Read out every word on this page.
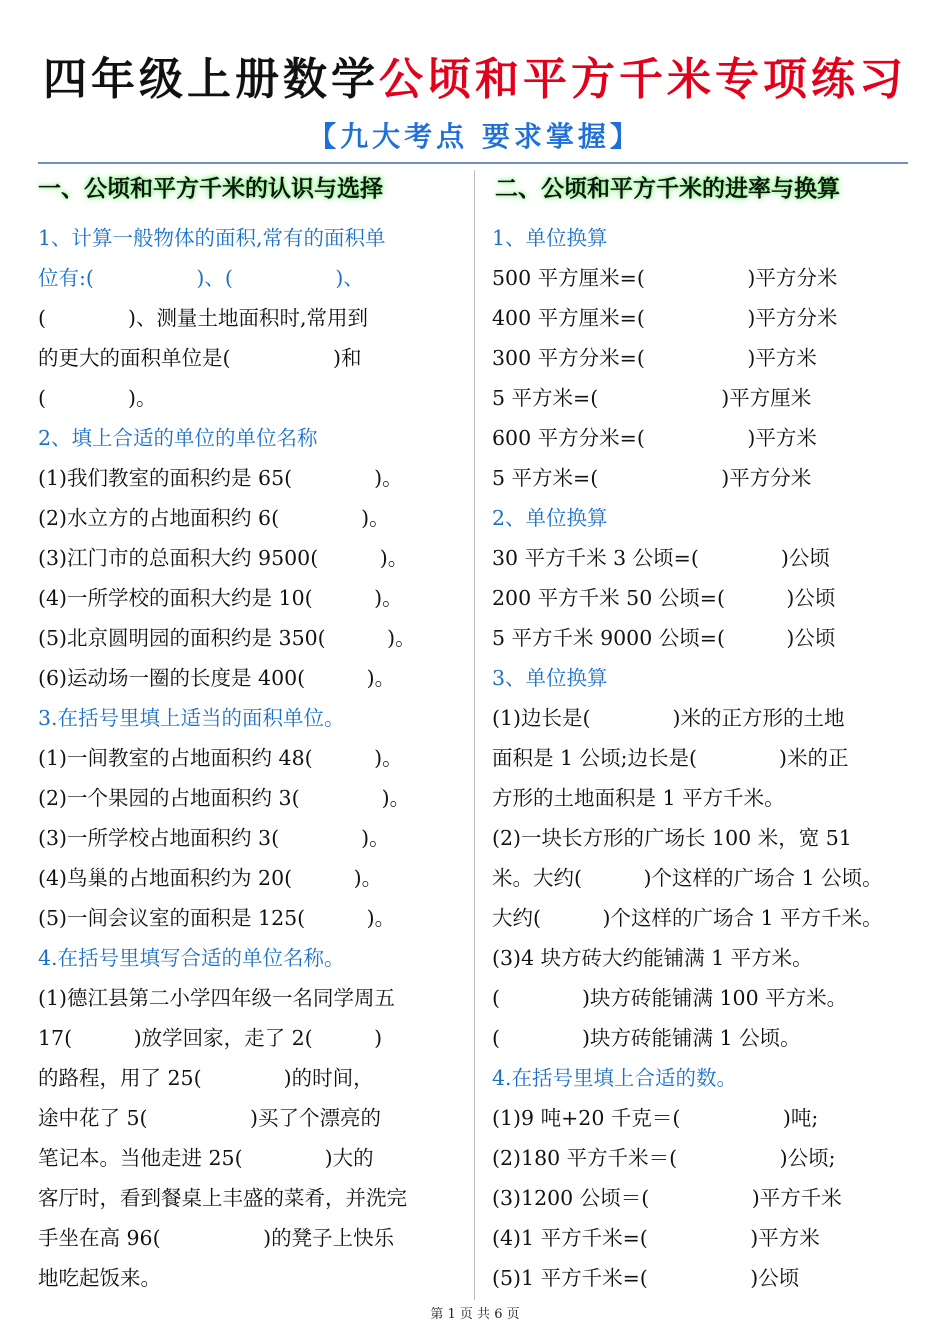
四年级上册数学公顷和平方千米专项练习
【九大考点 要求掌握】
一、公顷和平方千米的认识与选择	二、公顷和平方千米的进率与换算
1、计算一般物体的面积,常有的面积单
位有:(　　　　　)、(　　　　　)、
(　　　　)、测量土地面积时,常用到
的更大的面积单位是(　　　　　)和
(　　　　)。
2、填上合适的单位的单位名称
(1)我们教室的面积约是 65(　　　　)。
(2)水立方的占地面积约 6(　　　　)。
(3)江门市的总面积大约 9500(　　　)。
(4)一所学校的面积大约是 10(　　　)。
(5)北京圆明园的面积约是 350(　　　)。
(6)运动场一圈的长度是 400(　　　)。
3.在括号里填上适当的面积单位。
(1)一间教室的占地面积约 48(　　　)。
(2)一个果园的占地面积约 3(　　　　)。
(3)一所学校占地面积约 3(　　　　)。
(4)鸟巢的占地面积约为 20(　　　)。
(5)一间会议室的面积是 125(　　　)。
4.在括号里填写合适的单位名称。
(1)德江县第二小学四年级一名同学周五
17(　　　)放学回家，走了 2(　　　)
的路程，用了 25(　　　　)的时间，
途中花了 5(　　　　　)买了个漂亮的
笔记本。当他走进 25(　　　　)大的
客厅时，看到餐桌上丰盛的菜肴，并洗完
手坐在高 96(　　　　　)的凳子上快乐
地吃起饭来。
1、单位换算
500 平方厘米=(　　　　　)平方分米
400 平方厘米=(　　　　　)平方分米
300 平方分米=(　　　　　)平方米
5 平方米=(　　　　　　)平方厘米
600 平方分米=(　　　　　)平方米
5 平方米=(　　　　　　)平方分米
2、单位换算
30 平方千米 3 公顷=(　　　　)公顷
200 平方千米 50 公顷=(　　　)公顷
5 平方千米 9000 公顷=(　　　)公顷
3、单位换算
(1)边长是(　　　　)米的正方形的土地
面积是 1 公顷;边长是(　　　　)米的正
方形的土地面积是 1 平方千米。
(2)一块长方形的广场长 100 米，宽 51
米。大约(　　　)个这样的广场合 1 公顷。
大约(　　　)个这样的广场合 1 平方千米。
(3)4 块方砖大约能铺满 1 平方米。
(　　　　)块方砖能铺满 100 平方米。
(　　　　)块方砖能铺满 1 公顷。
4.在括号里填上合适的数。
(1)9 吨+20 千克＝(　　　　　)吨;
(2)180 平方千米＝(　　　　　)公顷;
(3)1200 公顷＝(　　　　　)平方千米
(4)1 平方千米=(　　　　　)平方米
(5)1 平方千米=(　　　　　)公顷
第 1 页 共 6 页
